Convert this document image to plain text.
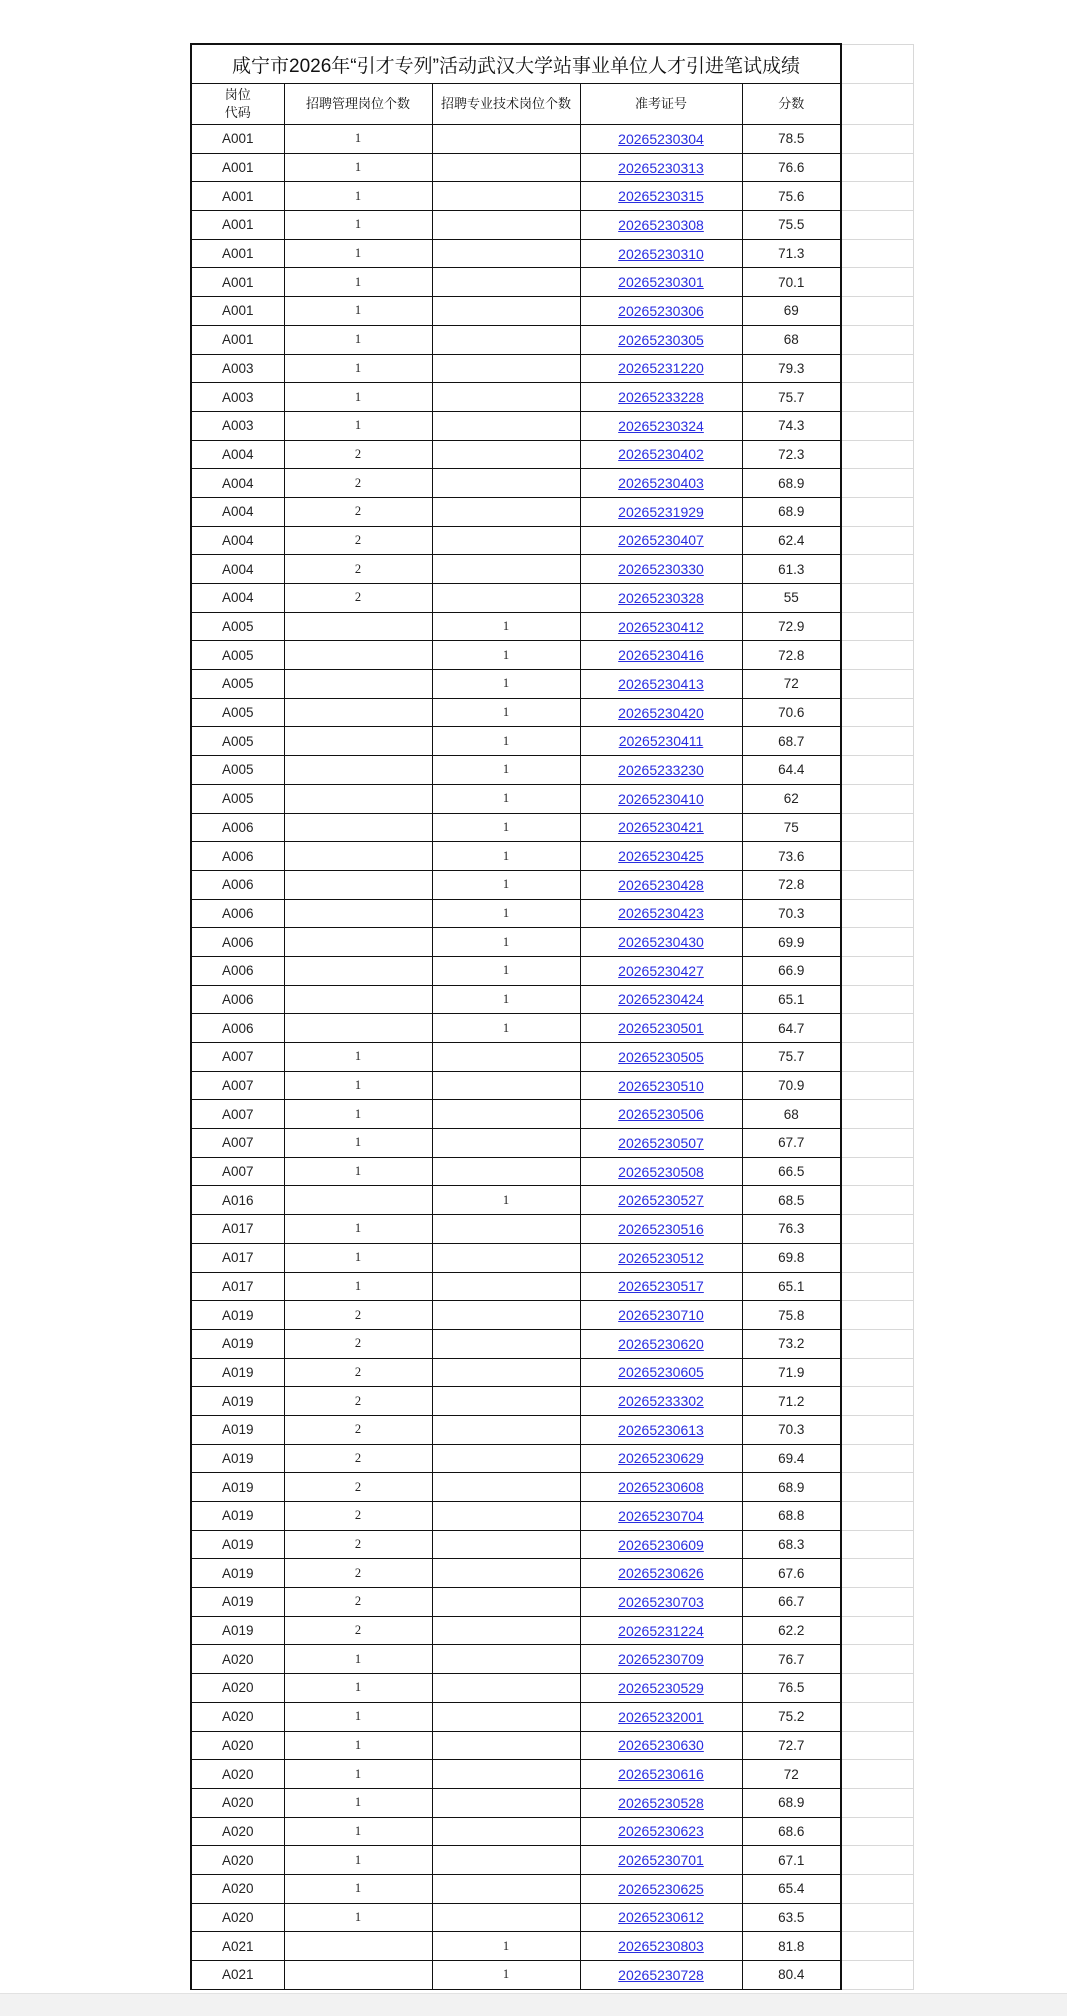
咸宁市2026年“引才专列”活动武汉大学站事业单位人才引进笔试成绩					
岗位
代码	招聘管理岗位个数	招聘专业技术岗位个数	准考证号	分数	
A001	1		20265230304	78.5	
A001	1		20265230313	76.6	
A001	1		20265230315	75.6	
A001	1		20265230308	75.5	
A001	1		20265230310	71.3	
A001	1		20265230301	70.1	
A001	1		20265230306	69	
A001	1		20265230305	68	
A003	1		20265231220	79.3	
A003	1		20265233228	75.7	
A003	1		20265230324	74.3	
A004	2		20265230402	72.3	
A004	2		20265230403	68.9	
A004	2		20265231929	68.9	
A004	2		20265230407	62.4	
A004	2		20265230330	61.3	
A004	2		20265230328	55	
A005		1	20265230412	72.9	
A005		1	20265230416	72.8	
A005		1	20265230413	72	
A005		1	20265230420	70.6	
A005		1	20265230411	68.7	
A005		1	20265233230	64.4	
A005		1	20265230410	62	
A006		1	20265230421	75	
A006		1	20265230425	73.6	
A006		1	20265230428	72.8	
A006		1	20265230423	70.3	
A006		1	20265230430	69.9	
A006		1	20265230427	66.9	
A006		1	20265230424	65.1	
A006		1	20265230501	64.7	
A007	1		20265230505	75.7	
A007	1		20265230510	70.9	
A007	1		20265230506	68	
A007	1		20265230507	67.7	
A007	1		20265230508	66.5	
A016		1	20265230527	68.5	
A017	1		20265230516	76.3	
A017	1		20265230512	69.8	
A017	1		20265230517	65.1	
A019	2		20265230710	75.8	
A019	2		20265230620	73.2	
A019	2		20265230605	71.9	
A019	2		20265233302	71.2	
A019	2		20265230613	70.3	
A019	2		20265230629	69.4	
A019	2		20265230608	68.9	
A019	2		20265230704	68.8	
A019	2		20265230609	68.3	
A019	2		20265230626	67.6	
A019	2		20265230703	66.7	
A019	2		20265231224	62.2	
A020	1		20265230709	76.7	
A020	1		20265230529	76.5	
A020	1		20265232001	75.2	
A020	1		20265230630	72.7	
A020	1		20265230616	72	
A020	1		20265230528	68.9	
A020	1		20265230623	68.6	
A020	1		20265230701	67.1	
A020	1		20265230625	65.4	
A020	1		20265230612	63.5	
A021		1	20265230803	81.8	
A021		1	20265230728	80.4	
